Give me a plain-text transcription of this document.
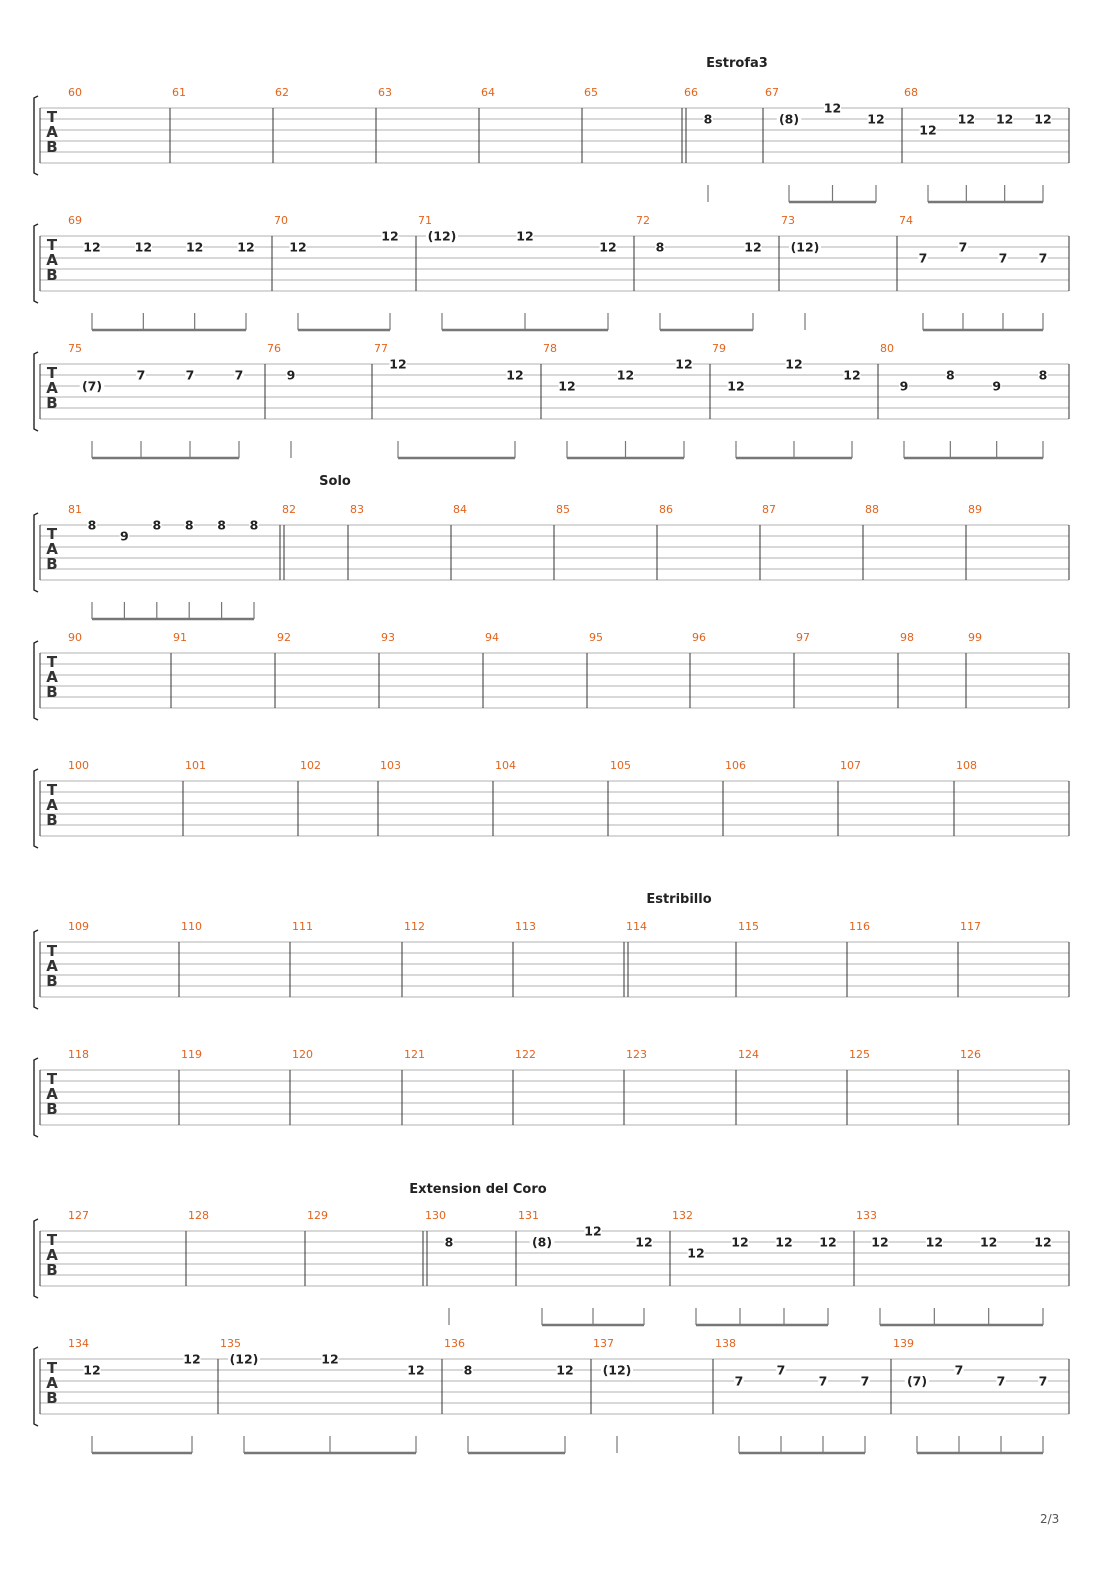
T
A
B
60	61	62	63	64	65	66
Estrofa3
8
67
(8)
12
12
68
12
12 12 12
T
A
B
69
12	12	12	12
70
12
12
71
(12)	12
12
72
8	12
73
(12)
74
7
7
7	7
T
A
B
75
(7)
7	7	7
76
9
77
12
12
78
12
12
12
79
12
12
12
80
9
8
9
8
T
A
B
81
8
9
8 8 8 8
82
Solo
83	84	85	86	87	88	89
T
A
B
90	91	92	93	94	95	96	97	98	99
T
A
B
100	101	102	103	104	105	106	107	108
T
A
B
109	110	111	112	113	114
Estribillo
115	116	117
T
A
B
118	119	120	121	122	123	124	125	126
T
A
B
127	128	129	130
Extension del Coro
8
131
(8)
12
12
132
12
12 12 12
133
12	12	12	12
T
A
B
134
12
12
135
(12)	12
12
136
8	12
137
(12)
138
7
7
7	7
139
(7)
7
7	7
2/3
